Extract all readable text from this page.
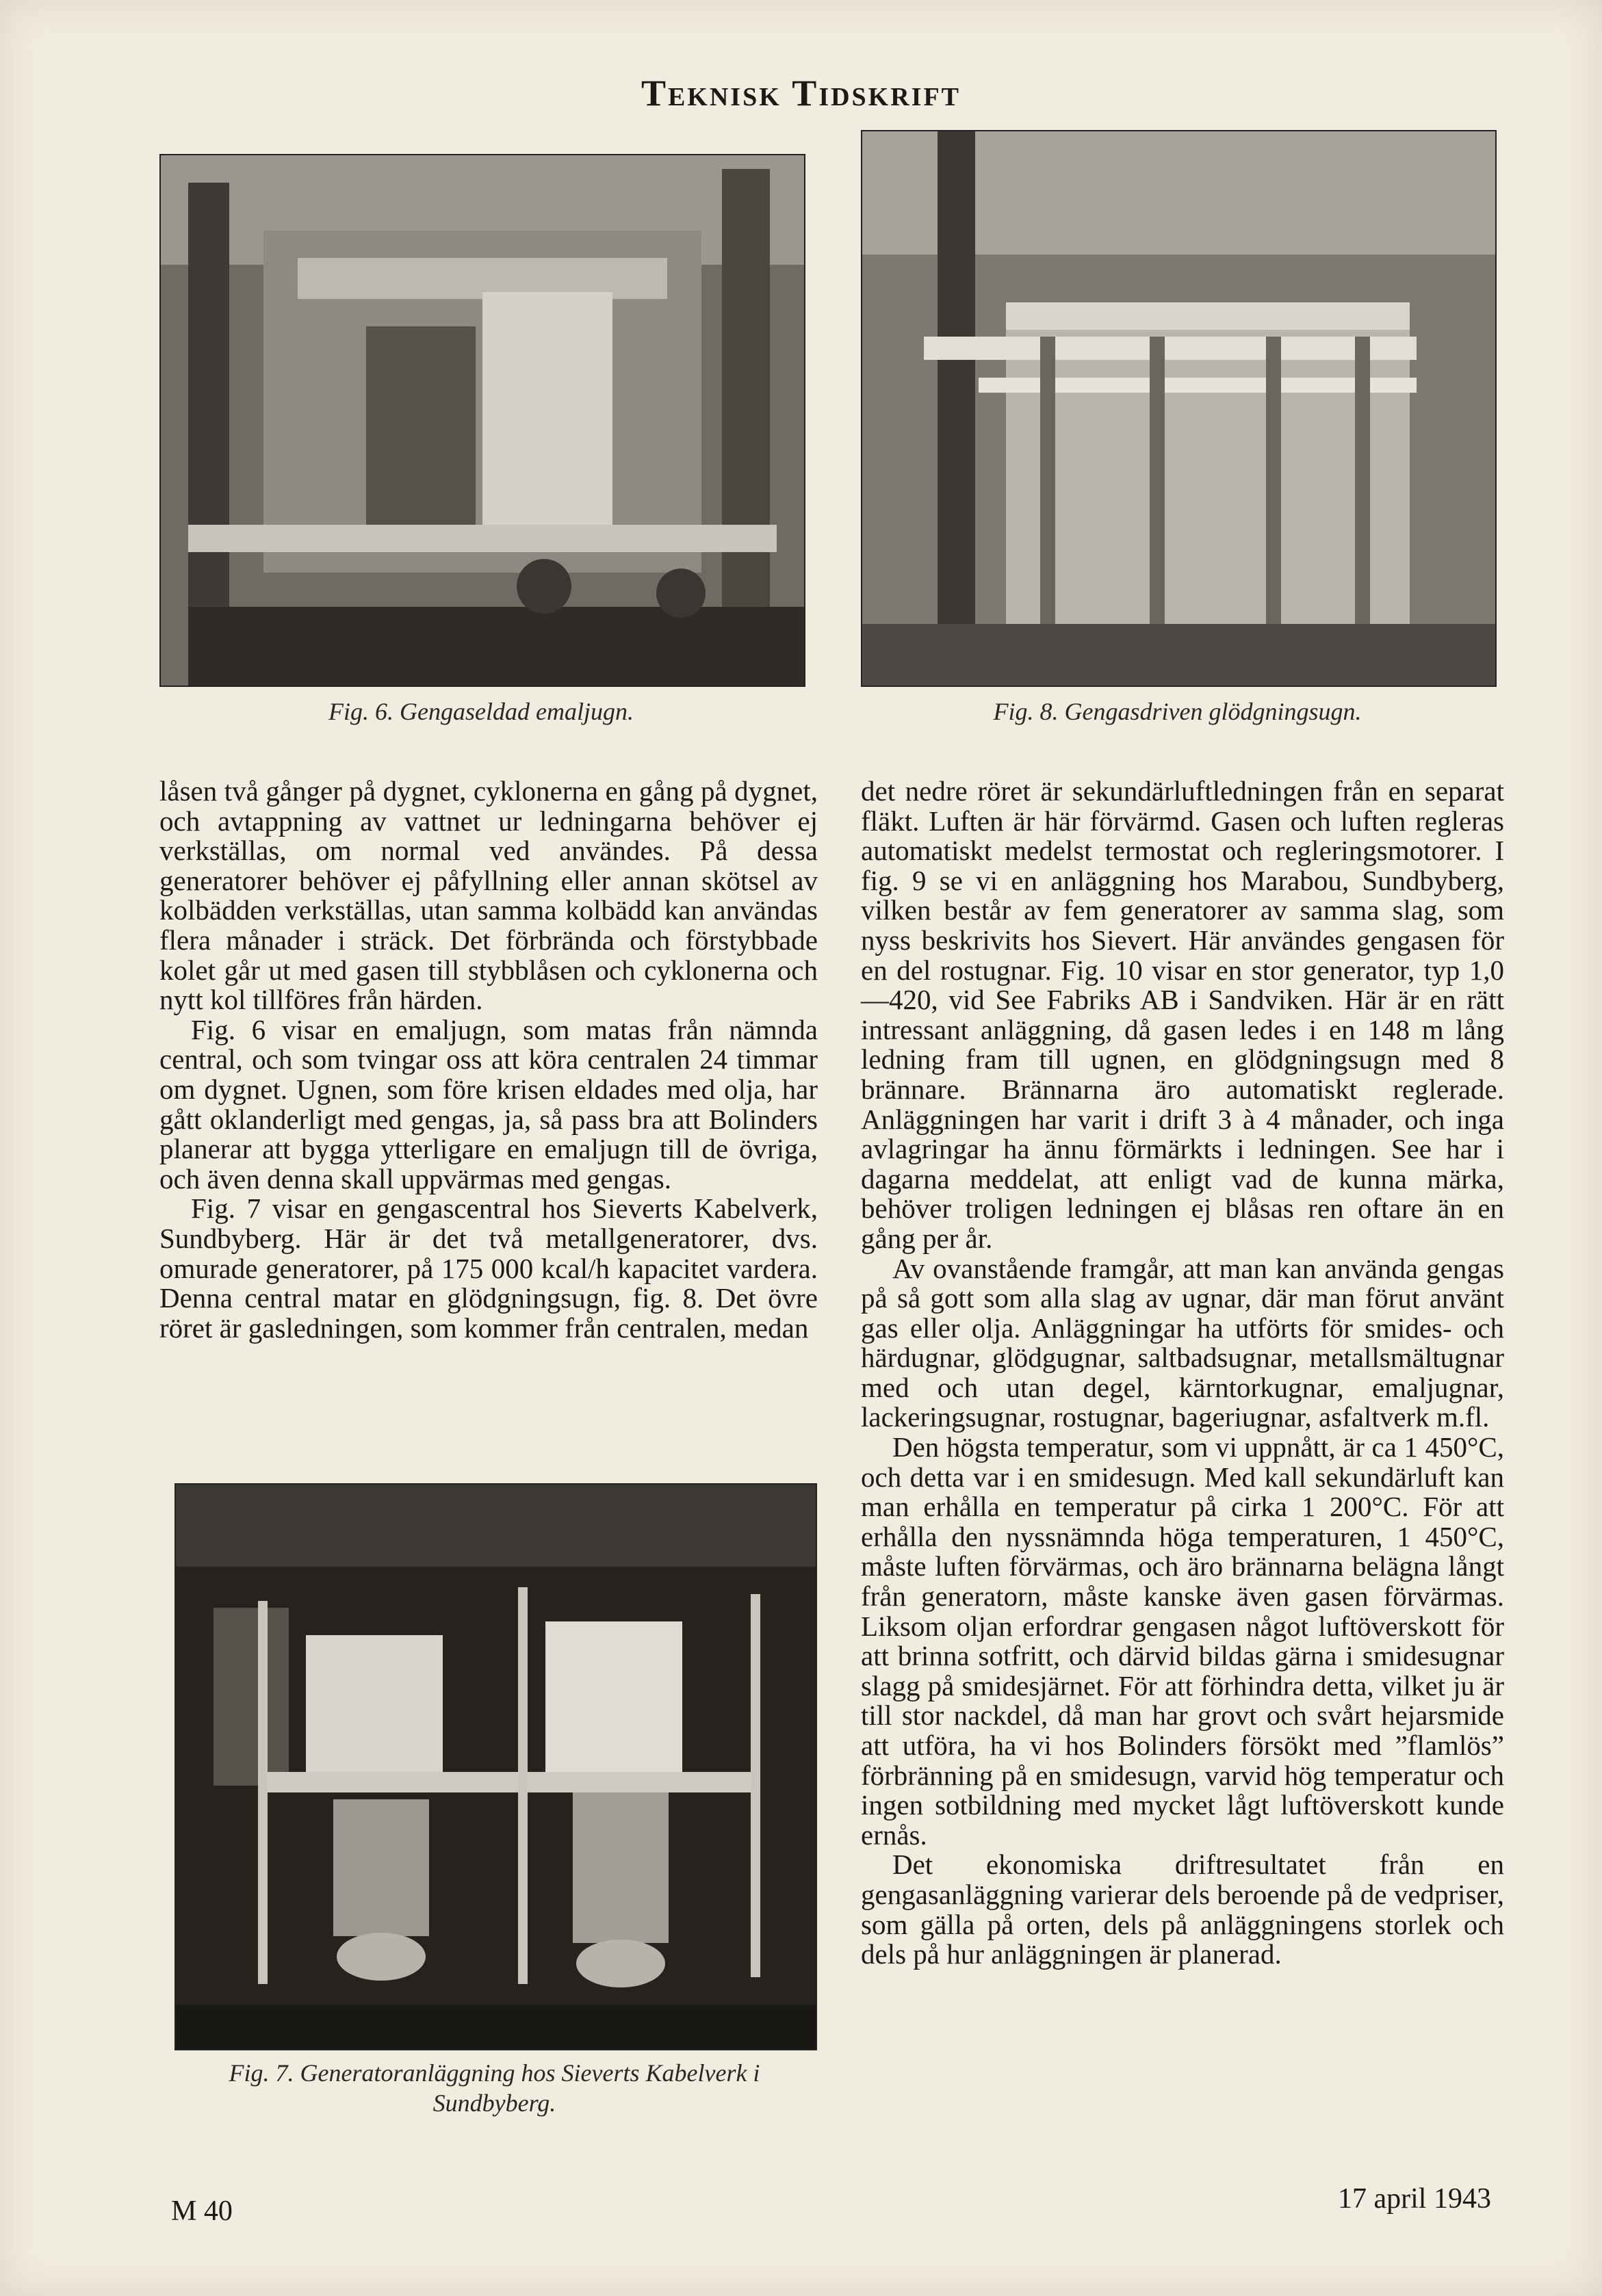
Teknisk Tidskrift
Fig. 6. Gengaseldad emaljugn.	Fig. 8. Gengasdriven glödgningsugn.

låsen två gånger på dygnet, cyklonerna en gång på dygnet, och avtappning av vattnet ur ledningarna behöver ej verkställas, om normal ved användes. På dessa generatorer behöver ej påfyllning eller annan skötsel av kolbädden verkställas, utan samma kolbädd kan användas flera månader i sträck. Det förbrända och förstybbade kolet går ut med gasen till stybblåsen och cyklonerna och nytt kol tillföres från härden.

Fig. 6 visar en emaljugn, som matas från nämnda central, och som tvingar oss att köra centralen 24 timmar om dygnet. Ugnen, som före krisen eldades med olja, har gått oklanderligt med gengas, ja, så pass bra att Bolinders planerar att bygga ytterligare en emaljugn till de övriga, och även denna skall uppvärmas med gengas.

Fig. 7 visar en gengascentral hos Sieverts Kabelverk, Sundbyberg. Här är det två metallgeneratorer, dvs. omurade generatorer, på 175 000 kcal/h kapacitet vardera. Denna central matar en glödgningsugn, fig. 8. Det övre röret är gasledningen, som kommer från centralen, medan

Fig. 7. Generatoranläggning hos Sieverts Kabelverk i Sundbyberg.

det nedre röret är sekundärluftledningen från en separat fläkt. Luften är här förvärmd. Gasen och luften regleras automatiskt medelst termostat och regleringsmotorer. I fig. 9 se vi en anläggning hos Marabou, Sundbyberg, vilken består av fem generatorer av samma slag, som nyss beskrivits hos Sievert. Här användes gengasen för en del rostugnar. Fig. 10 visar en stor generator, typ 1,0—420, vid See Fabriks AB i Sandviken. Här är en rätt intressant anläggning, då gasen ledes i en 148 m lång ledning fram till ugnen, en glödgningsugn med 8 brännare. Brännarna äro automatiskt reglerade. Anläggningen har varit i drift 3 à 4 månader, och inga avlagringar ha ännu förmärkts i ledningen. See har i dagarna meddelat, att enligt vad de kunna märka, behöver troligen ledningen ej blåsas ren oftare än en gång per år.

Av ovanstående framgår, att man kan använda gengas på så gott som alla slag av ugnar, där man förut använt gas eller olja. Anläggningar ha utförts för smides- och härdugnar, glödgugnar, saltbadsugnar, metallsmältugnar med och utan degel, kärntorkugnar, emaljugnar, lackeringsugnar, rostugnar, bageriugnar, asfaltverk m.fl.

Den högsta temperatur, som vi uppnått, är ca 1 450°C, och detta var i en smidesugn. Med kall sekundärluft kan man erhålla en temperatur på cirka 1 200°C. För att erhålla den nyssnämnda höga temperaturen, 1 450°C, måste luften förvärmas, och äro brännarna belägna långt från generatorn, måste kanske även gasen förvärmas. Liksom oljan erfordrar gengasen något luftöverskott för att brinna sotfritt, och därvid bildas gärna i smidesugnar slagg på smidesjärnet. För att förhindra detta, vilket ju är till stor nackdel, då man har grovt och svårt hejarsmide att utföra, ha vi hos Bolinders försökt med ”flamlös” förbränning på en smidesugn, varvid hög temperatur och ingen sotbildning med mycket lågt luftöverskott kunde ernås.

Det ekonomiska driftresultatet från en gengasanläggning varierar dels beroende på de vedpriser, som gälla på orten, dels på anläggningens storlek och dels på hur anläggningen är planerad.

M 40	17 april 1943
